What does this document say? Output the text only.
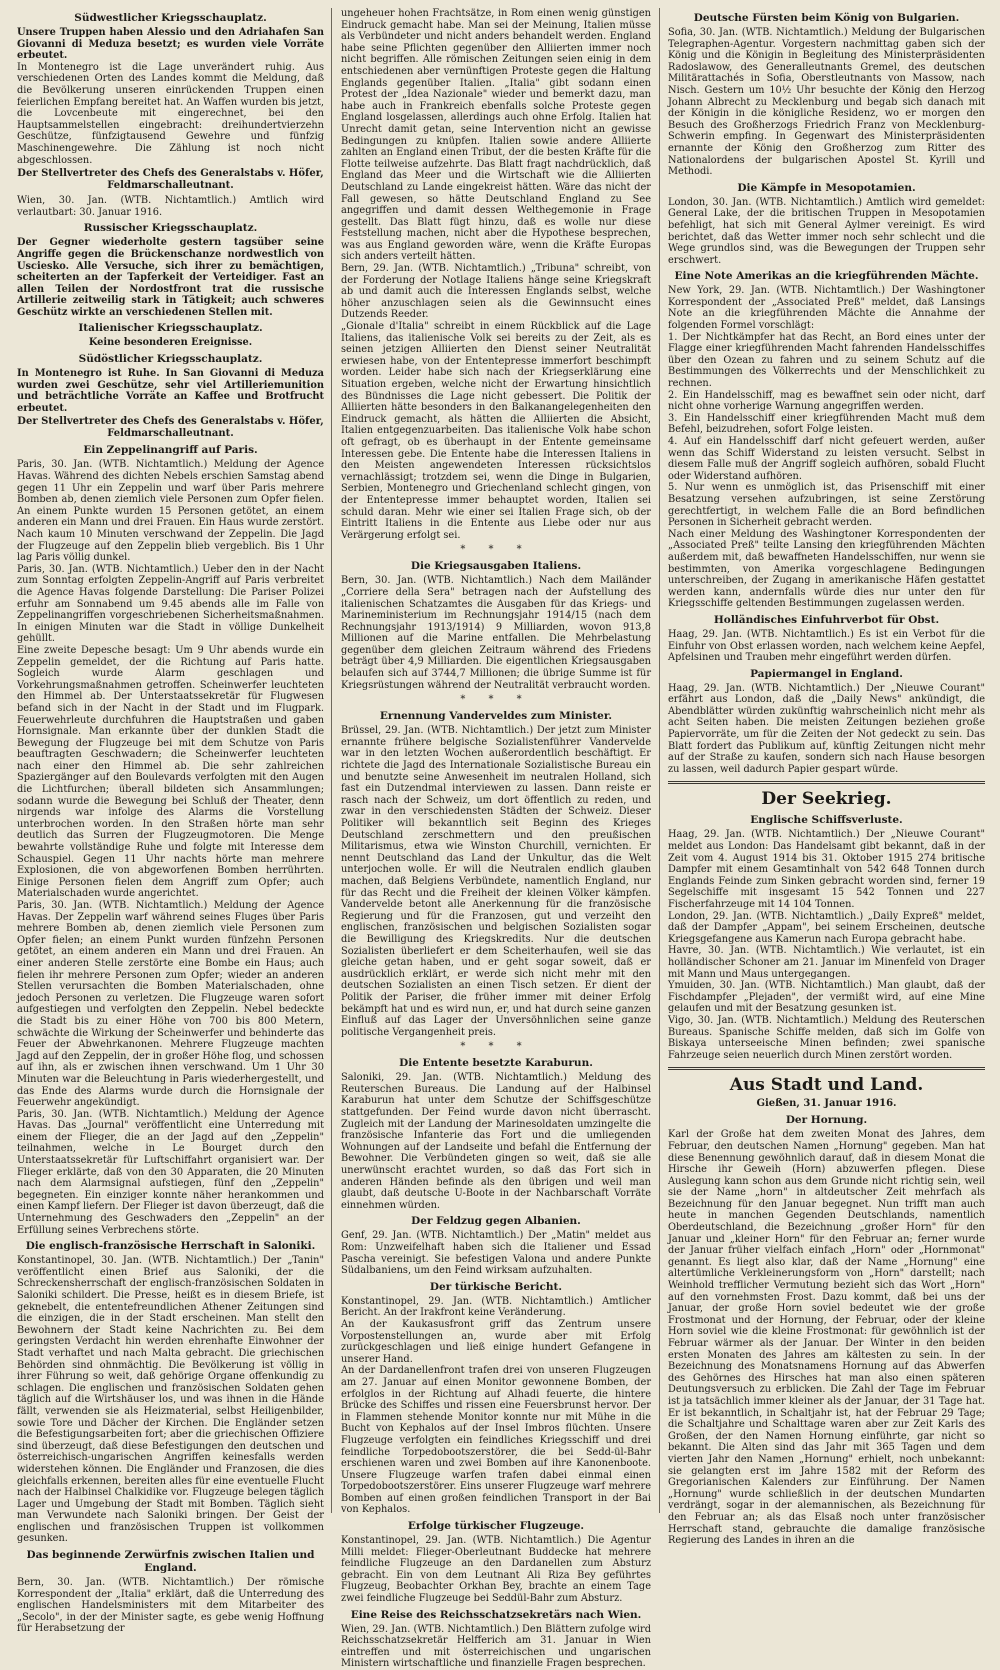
Südwestlicher Kriegsschauplatz.

Unsere Truppen haben Alessio und den Adriahafen San Giovanni di Meduza besetzt; es wurden viele Vorräte erbeutet.

In Montenegro ist die Lage unverändert ruhig. Aus verschiedenen Orten des Landes kommt die Meldung, daß die Bevölkerung unseren einrückenden Truppen einen feierlichen Empfang bereitet hat. An Waffen wurden bis jetzt, die Lovcenbeute mit eingerechnet, bei den Hauptsammelstellen eingebracht: dreihundertvierzehn Geschütze, fünfzigtausend Gewehre und fünfzig Maschinengewehre. Die Zählung ist noch nicht abgeschlossen.

Der Stellvertreter des Chefs des Generalstabs v. Höfer, Feldmarschalleutnant.

Wien, 30. Jan. (WTB. Nichtamtlich.) Amtlich wird verlautbart: 30. Januar 1916.

Russischer Kriegsschauplatz.

Der Gegner wiederholte gestern tagsüber seine Angriffe gegen die Brückenschanze nordwestlich von Usciesko. Alle Versuche, sich ihrer zu bemächtigen, scheiterten an der Tapferkeit der Verteidiger. Fast an allen Teilen der Nordostfront trat die russische Artillerie zeitweilig stark in Tätigkeit; auch schweres Geschütz wirkte an verschiedenen Stellen mit.

Italienischer Kriegsschauplatz.

Keine besonderen Ereignisse.

Südöstlicher Kriegsschauplatz.

In Montenegro ist Ruhe. In San Giovanni di Meduza wurden zwei Geschütze, sehr viel Artilleriemunition und beträchtliche Vorräte an Kaffee und Brotfrucht erbeutet.

Der Stellvertreter des Chefs des Generalstabs v. Höfer, Feldmarschalleutnant.
Ein Zeppelinangriff auf Paris.

Paris, 30. Jan. (WTB. Nichtamtlich.) Meldung der Agence Havas. Während des dichten Nebels erschien Samstag abend gegen 11 Uhr ein Zeppelin und warf über Paris mehrere Bomben ab, denen ziemlich viele Personen zum Opfer fielen. An einem Punkte wurden 15 Personen getötet, an einem anderen ein Mann und drei Frauen. Ein Haus wurde zerstört. Nach kaum 10 Minuten verschwand der Zeppelin. Die Jagd der Flugzeuge auf den Zeppelin blieb vergeblich. Bis 1 Uhr lag Paris völlig dunkel.

Paris, 30. Jan. (WTB. Nichtamtlich.) Ueber den in der Nacht zum Sonntag erfolgten Zeppelin-Angriff auf Paris verbreitet die Agence Havas folgende Darstellung: Die Pariser Polizei erfuhr am Sonnabend um 9.45 abends alle im Falle von Zeppelinangriffen vorgeschriebenen Sicherheitsmaßnahmen. In einigen Minuten war die Stadt in völlige Dunkelheit gehüllt.

Eine zweite Depesche besagt: Um 9 Uhr abends wurde ein Zeppelin gemeldet, der die Richtung auf Paris hatte. Sogleich wurde Alarm geschlagen und Vorkehrungsmaßnahmen getroffen. Scheinwerfer leuchteten den Himmel ab. Der Unterstaatssekretär für Flugwesen befand sich in der Nacht in der Stadt und im Flugpark. Feuerwehrleute durchfuhren die Hauptstraßen und gaben Hornsignale. Man erkannte über der dunklen Stadt die Bewegung der Flugzeuge bei mit dem Schutze von Paris beauftragten Geschwadern; die Scheinwerfer leuchteten nach einer den Himmel ab. Die sehr zahlreichen Spaziergänger auf den Boulevards verfolgten mit den Augen die Lichtfurchen; überall bildeten sich Ansammlungen; sodann wurde die Bewegung bei Schluß der Theater, denn nirgends war infolge des Alarms die Vorstellung unterbrochen worden. In den Straßen hörte man sehr deutlich das Surren der Flugzeugmotoren. Die Menge bewahrte vollständige Ruhe und folgte mit Interesse dem Schauspiel. Gegen 11 Uhr nachts hörte man mehrere Explosionen, die von abgeworfenen Bomben herrührten. Einige Personen fielen dem Angriff zum Opfer; auch Materialschaden wurde angerichtet.

Paris, 30. Jan. (WTB. Nichtamtlich.) Meldung der Agence Havas. Der Zeppelin warf während seines Fluges über Paris mehrere Bomben ab, denen ziemlich viele Personen zum Opfer fielen; an einem Punkt wurden fünfzehn Personen getötet, an einem anderen ein Mann und drei Frauen. An einer anderen Stelle zerstörte eine Bombe ein Haus; auch fielen ihr mehrere Personen zum Opfer; wieder an anderen Stellen verursachten die Bomben Materialschaden, ohne jedoch Personen zu verletzen. Die Flugzeuge waren sofort aufgestiegen und verfolgten den Zeppelin. Nebel bedeckte die Stadt bis zu einer Höhe von 700 bis 800 Metern, schwächte die Wirkung der Scheinwerfer und behinderte das Feuer der Abwehrkanonen. Mehrere Flugzeuge machten Jagd auf den Zeppelin, der in großer Höhe flog, und schossen auf ihn, als er zwischen ihnen verschwand. Um 1 Uhr 30 Minuten war die Beleuchtung in Paris wiederhergestellt, und das Ende des Alarms wurde durch die Hornsignale der Feuerwehr angekündigt.

Paris, 30. Jan. (WTB. Nichtamtlich.) Meldung der Agence Havas. Das „Journal" veröffentlicht eine Unterredung mit einem der Flieger, die an der Jagd auf den „Zeppelin" teilnahmen, welche in Le Bourget durch den Unterstaatssekretär für Luftschiffahrt organisiert war. Der Flieger erklärte, daß von den 30 Apparaten, die 20 Minuten nach dem Alarmsignal aufstiegen, fünf den „Zeppelin" begegneten. Ein einziger konnte näher herankommen und einen Kampf liefern. Der Flieger ist davon überzeugt, daß die Unternehmung des Geschwaders den „Zeppelin" an der Erfüllung seines Verbrechens störte.

Die englisch-französische Herrschaft in Saloniki.

Konstantinopel, 30. Jan. (WTB. Nichtamtlich.) Der „Tanin" veröffentlicht einen Brief aus Saloniki, der die Schreckensherrschaft der englisch-französischen Soldaten in Saloniki schildert. Die Presse, heißt es in diesem Briefe, ist geknebelt, die ententefreundlichen Athener Zeitungen sind die einzigen, die in der Stadt erscheinen. Man stellt den Bewohnern der Stadt keine Nachrichten zu. Bei dem geringsten Verdacht hin werden ehrenhafte Einwohner der Stadt verhaftet und nach Malta gebracht. Die griechischen Behörden sind ohnmächtig. Die Bevölkerung ist völlig in ihrer Führung so weit, daß gehörige Organe offenkundig zu schlagen. Die englischen und französischen Soldaten gehen täglich auf die Wirtshäuser los, und was ihnen in die Hände fällt, verwenden sie als Heizmaterial, selbst Heiligenbilder, sowie Tore und Dächer der Kirchen. Die Engländer setzen die Befestigungsarbeiten fort; aber die griechischen Offiziere sind überzeugt, daß diese Befestigungen den deutschen und österreichisch-ungarischen Angriffen keinesfalls werden widerstehen können. Die Engländer und Franzosen, die dies gleichfalls erkennen, bereiten alles für eine eventuelle Flucht nach der Halbinsel Chalkidike vor. Flugzeuge belegen täglich Lager und Umgebung der Stadt mit Bomben. Täglich sieht man Verwundete nach Saloniki bringen. Der Geist der englischen und französischen Truppen ist vollkommen gesunken.

Das beginnende Zerwürfnis zwischen Italien und England.

Bern, 30. Jan. (WTB. Nichtamtlich.) Der römische Korrespondent der „Italia" erklärt, daß die Unterredung des englischen Handelsministers mit dem Mitarbeiter des „Secolo", in der der Minister sagte, es gebe wenig Hoffnung für Herabsetzung der

ungeheuer hohen Frachtsätze, in Rom einen wenig günstigen Eindruck gemacht habe. Man sei der Meinung, Italien müsse als Verbündeter und nicht anders behandelt werden. England habe seine Pflichten gegenüber den Alliierten immer noch nicht begriffen. Alle römischen Zeitungen seien einig in dem entschiedenen aber vernünftigen Proteste gegen die Haltung Englands gegenüber Italien. „Italia" gibt sodann einen Protest der „Idea Nazionale" wieder und bemerkt dazu, man habe auch in Frankreich ebenfalls solche Proteste gegen England losgelassen, allerdings auch ohne Erfolg. Italien hat Unrecht damit getan, seine Intervention nicht an gewisse Bedingungen zu knüpfen. Italien sowie andere Alliierte zahlten an England einen Tribut, der die besten Kräfte für die Flotte teilweise aufzehrte. Das Blatt fragt nachdrücklich, daß England das Meer und die Wirtschaft wie die Alliierten Deutschland zu Lande eingekreist hätten. Wäre das nicht der Fall gewesen, so hätte Deutschland England zu See angegriffen und damit dessen Welthegemonie in Frage gestellt. Das Blatt fügt hinzu, daß es wolle nur diese Feststellung machen, nicht aber die Hypothese besprechen, was aus England geworden wäre, wenn die Kräfte Europas sich anders verteilt hätten.

Bern, 29. Jan. (WTB. Nichtamtlich.) „Tribuna" schreibt, von der Forderung der Notlage Italiens hänge seine Kriegskraft ab und damit auch die Interessen Englands selbst, welche höher anzuschlagen seien als die Gewinnsucht eines Dutzends Reeder.

„Gionale d'Italia" schreibt in einem Rückblick auf die Lage Italiens, das italienische Volk sei bereits zu der Zeit, als es seinen jetzigen Alliierten den Dienst seiner Neutralität erwiesen habe, von der Ententepresse immerfort beschimpft worden. Leider habe sich nach der Kriegserklärung eine Situation ergeben, welche nicht der Erwartung hinsichtlich des Bündnisses die Lage nicht gebessert. Die Politik der Alliierten hätte besonders in den Balkanangelegenheiten den Eindruck gemacht, als hätten die Alliierten die Absicht, Italien entgegenzuarbeiten. Das italienische Volk habe schon oft gefragt, ob es überhaupt in der Entente gemeinsame Interessen gebe. Die Entente habe die Interessen Italiens in den Meisten angewendeten Interessen rücksichtslos vernachlässigt; trotzdem sei, wenn die Dinge in Bulgarien, Serbien, Montenegro und Griechenland schlecht gingen, von der Ententepresse immer behauptet worden, Italien sei schuld daran. Mehr wie einer sei Italien Frage sich, ob der Eintritt Italiens in die Entente aus Liebe oder nur aus Verärgerung erfolgt sei.

* * *
Die Kriegsausgaben Italiens.

Bern, 30. Jan. (WTB. Nichtamtlich.) Nach dem Mailänder „Corriere della Sera" betragen nach der Aufstellung des italienischen Schatzamtes die Ausgaben für das Kriegs- und Marineministerium im Rechnungsjahr 1914/15 (nach dem Rechnungsjahr 1913/1914) 9 Milliarden, wovon 913,8 Millionen auf die Marine entfallen. Die Mehrbelastung gegenüber dem gleichen Zeitraum während des Friedens beträgt über 4,9 Milliarden. Die eigentlichen Kriegsausgaben belaufen sich auf 3744,7 Millionen; die übrige Summe ist für Kriegsrüstungen während der Neutralität verbraucht worden.

* * *
Ernennung Vanderveldes zum Minister.

Brüssel, 29. Jan. (WTB. Nichtamtlich.) Der jetzt zum Minister ernannte frühere belgische Sozialistenführer Vandervelde war in den letzten Wochen außerordentlich beschäftigt. Er richtete die Jagd des Internationale Sozialistische Bureau ein und benutzte seine Anwesenheit im neutralen Holland, sich fast ein Dutzendmal interviewen zu lassen. Dann reiste er rasch nach der Schweiz, um dort öffentlich zu reden, und zwar in den verschiedensten Städten der Schweiz. Dieser Politiker will bekanntlich seit Beginn des Krieges Deutschland zerschmettern und den preußischen Militarismus, etwa wie Winston Churchill, vernichten. Er nennt Deutschland das Land der Unkultur, das die Welt unterjochen wolle. Er will die Neutralen endlich glauben machen, daß Belgiens Verbündete, namentlich England, nur für das Recht und die Freiheit der kleinen Völker kämpfen. Vandervelde betont alle Anerkennung für die französische Regierung und für die Franzosen, gut und verzeiht den englischen, französischen und belgischen Sozialisten sogar die Bewilligung des Kriegskredits. Nur die deutschen Sozialisten überliefert er dem Scheiterhaufen, weil sie das gleiche getan haben, und er geht sogar soweit, daß er ausdrücklich erklärt, er werde sich nicht mehr mit den deutschen Sozialisten an einen Tisch setzen. Er dient der Politik der Pariser, die früher immer mit deiner Erfolg bekämpft hat und es wird nun, er, und hat durch seine ganzen Einfluß auf das Lager der Unversöhnlichen seine ganze politische Vergangenheit preis.

* * *
Die Entente besetzte Karaburun.

Saloniki, 29. Jan. (WTB. Nichtamtlich.) Meldung des Reuterschen Bureaus. Die Landung auf der Halbinsel Karaburun hat unter dem Schutze der Schiffsgeschütze stattgefunden. Der Feind wurde davon nicht überrascht. Zugleich mit der Landung der Marinesoldaten umzingelte die französische Infanterie das Fort und die umliegenden Wohnungen auf der Landseite und befahl die Entfernung der Bewohner. Die Verbündeten gingen so weit, daß sie alle unerwünscht erachtet wurden, so daß das Fort sich in anderen Händen befinde als den übrigen und weil man glaubt, daß deutsche U-Boote in der Nachbarschaft Vorräte einnehmen würden.

Der Feldzug gegen Albanien.

Genf, 29. Jan. (WTB. Nichtamtlich.) Der „Matin" meldet aus Rom: Unzweifelhaft haben sich die Italiener und Essad Pascha vereinigt. Sie befestigen Valona und andere Punkte Südalbaniens, um den Feind wirksam aufzuhalten.

Der türkische Bericht.

Konstantinopel, 29. Jan. (WTB. Nichtamtlich.) Amtlicher Bericht. An der Irakfront keine Veränderung.

An der Kaukasusfront griff das Zentrum unsere Vorpostenstellungen an, wurde aber mit Erfolg zurückgeschlagen und ließ einige hundert Gefangene in unserer Hand.

An der Dardanellenfront trafen drei von unseren Flugzeugen am 27. Januar auf einen Monitor gewonnene Bomben, der erfolglos in der Richtung auf Alhadi feuerte, die hintere Brücke des Schiffes und rissen eine Feuersbrunst hervor. Der in Flammen stehende Monitor konnte nur mit Mühe in die Bucht von Kephalos auf der Insel Imbros flüchten. Unsere Flugzeuge verfolgten ein feindliches Kriegsschiff und drei feindliche Torpedobootszerstörer, die bei Sedd-ül-Bahr erschienen waren und zwei Bomben auf ihre Kanonenboote. Unsere Flugzeuge warfen trafen dabei einmal einen Torpedobootszerstörer. Eins unserer Flugzeuge warf mehrere Bomben auf einen großen feindlichen Transport in der Bai von Kephalos.

Erfolge türkischer Flugzeuge.

Konstantinopel, 29. Jan. (WTB. Nichtamtlich.) Die Agentur Milli meldet: Flieger-Oberleutnant Buddecke hat mehrere feindliche Flugzeuge an den Dardanellen zum Absturz gebracht. Ein von dem Leutnant Ali Riza Bey geführtes Flugzeug, Beobachter Orkhan Bey, brachte an einem Tage zwei feindliche Flugzeuge bei Seddül-Bahr zum Absturz.

Eine Reise des Reichsschatzsekretärs nach Wien.

Wien, 29. Jan. (WTB. Nichtamtlich.) Den Blättern zufolge wird Reichsschatzsekretär Helfferich am 31. Januar in Wien eintreffen und mit österreichischen und ungarischen Ministern wirtschaftliche und finanzielle Fragen besprechen.

Deutsche Fürsten beim König von Bulgarien.

Sofia, 30. Jan. (WTB. Nichtamtlich.) Meldung der Bulgarischen Telegraphen-Agentur. Vorgestern nachmittag gaben sich der König und die Königin in Begleitung des Ministerpräsidenten Radoslawow, des Generalleutnants Gremel, des deutschen Militärattachés in Sofia, Oberstleutnants von Massow, nach Nisch. Gestern um 10½ Uhr besuchte der König den Herzog Johann Albrecht zu Mecklenburg und begab sich danach mit der Königin in die königliche Residenz, wo er morgen den Besuch des Großherzogs Friedrich Franz von Mecklenburg-Schwerin empfing. In Gegenwart des Ministerpräsidenten ernannte der König den Großherzog zum Ritter des Nationalordens der bulgarischen Apostel St. Kyrill und Methodi.

Die Kämpfe in Mesopotamien.

London, 30. Jan. (WTB. Nichtamtlich.) Amtlich wird gemeldet: General Lake, der die britischen Truppen in Mesopotamien befehligt, hat sich mit General Aylmer vereinigt. Es wird berichtet, daß das Wetter immer noch sehr schlecht und die Wege grundlos sind, was die Bewegungen der Truppen sehr erschwert.

Eine Note Amerikas an die kriegführenden Mächte.

New York, 29. Jan. (WTB. Nichtamtlich.) Der Washingtoner Korrespondent der „Associated Preß" meldet, daß Lansings Note an die kriegführenden Mächte die Annahme der folgenden Formel vorschlägt:

1. Der Nichtkämpfer hat das Recht, an Bord eines unter der Flagge einer kriegführenden Macht fahrenden Handelsschiffes über den Ozean zu fahren und zu seinem Schutz auf die Bestimmungen des Völkerrechts und der Menschlichkeit zu rechnen.

2. Ein Handelsschiff, mag es bewaffnet sein oder nicht, darf nicht ohne vorherige Warnung angegriffen werden.

3. Ein Handelsschiff einer kriegführenden Macht muß dem Befehl, beizudrehen, sofort Folge leisten.

4. Auf ein Handelsschiff darf nicht gefeuert werden, außer wenn das Schiff Widerstand zu leisten versucht. Selbst in diesem Falle muß der Angriff sogleich aufhören, sobald Flucht oder Widerstand aufhören.

5. Nur wenn es unmöglich ist, das Prisenschiff mit einer Besatzung versehen aufzubringen, ist seine Zerstörung gerechtfertigt, in welchem Falle die an Bord befindlichen Personen in Sicherheit gebracht werden.

Nach einer Meldung des Washingtoner Korrespondenten der „Associated Preß" teilte Lansing den kriegführenden Mächten außerdem mit, daß bewaffneten Handelsschiffen, nur wenn sie bestimmten, von Amerika vorgeschlagene Bedingungen unterschreiben, der Zugang in amerikanische Häfen gestattet werden kann, andernfalls würde dies nur unter den für Kriegsschiffe geltenden Bestimmungen zugelassen werden.

Holländisches Einfuhrverbot für Obst.

Haag, 29. Jan. (WTB. Nichtamtlich.) Es ist ein Verbot für die Einfuhr von Obst erlassen worden, nach welchem keine Aepfel, Apfelsinen und Trauben mehr eingeführt werden dürfen.

Papiermangel in England.

Haag, 29. Jan. (WTB. Nichtamtlich.) Der „Nieuwe Courant" erfährt aus London, daß die „Daily News" ankündigt, die Abendblätter würden zukünftig wahrscheinlich nicht mehr als acht Seiten haben. Die meisten Zeitungen beziehen große Papiervorräte, um für die Zeiten der Not gedeckt zu sein. Das Blatt fordert das Publikum auf, künftig Zeitungen nicht mehr auf der Straße zu kaufen, sondern sich nach Hause besorgen zu lassen, weil dadurch Papier gespart würde.

Der Seekrieg.
Englische Schiffsverluste.

Haag, 29. Jan. (WTB. Nichtamtlich.) Der „Nieuwe Courant" meldet aus London: Das Handelsamt gibt bekannt, daß in der Zeit vom 4. August 1914 bis 31. Oktober 1915 274 britische Dampfer mit einem Gesamtinhalt von 542 648 Tonnen durch Englands Feinde zum Sinken gebracht worden sind, ferner 19 Segelschiffe mit insgesamt 15 542 Tonnen und 227 Fischerfahrzeuge mit 14 104 Tonnen.

London, 29. Jan. (WTB. Nichtamtlich.) „Daily Expreß" meldet, daß der Dampfer „Appam", bei seinem Erscheinen, deutsche Kriegsgefangene aus Kamerun nach Europa gebracht habe.

Havre, 30. Jan. (WTB. Nichtamtlich.) Wie verlautet, ist ein holländischer Schoner am 21. Januar im Minenfeld von Drager mit Mann und Maus untergegangen.

Ymuiden, 30. Jan. (WTB. Nichtamtlich.) Man glaubt, daß der Fischdampfer „Plejaden", der vermißt wird, auf eine Mine gelaufen und mit der Besatzung gesunken ist.

Vigo, 30. Jan. (WTB. Nichtamtlich.) Meldung des Reuterschen Bureaus. Spanische Schiffe melden, daß sich im Golfe von Biskaya unterseeische Minen befinden; zwei spanische Fahrzeuge seien neuerlich durch Minen zerstört worden.

Aus Stadt und Land.
Gießen, 31. Januar 1916.
Der Hornung.

Karl der Große hat dem zweiten Monat des Jahres, dem Februar, den deutschen Namen „Hornung" gegeben. Man hat diese Benennung gewöhnlich darauf, daß in diesem Monat die Hirsche ihr Geweih (Horn) abzuwerfen pflegen. Diese Auslegung kann schon aus dem Grunde nicht richtig sein, weil sie der Name „horn" in altdeutscher Zeit mehrfach als Bezeichnung für den Januar begegnet. Nun trifft man auch heute in manchen Gegenden Deutschlands, namentlich Oberdeutschland, die Bezeichnung „großer Horn" für den Januar und „kleiner Horn" für den Februar an; ferner wurde der Januar früher vielfach einfach „Horn" oder „Hornmonat" genannt. Es liegt also klar, daß der Name „Hornung" eine altertümliche Verkleinerungsform von „Horn" darstellt; nach Weinhold trefflicher Vermutung bezieht sich das Wort „Horn" auf den vornehmsten Frost. Dazu kommt, daß bei uns der Januar, der große Horn soviel bedeutet wie der große Frostmonat und der Hornung, der Februar, oder der kleine Horn soviel wie die kleine Frostmonat: für gewöhnlich ist der Februar wärmer als der Januar. Der Winter in den beiden ersten Monaten des Jahres am kältesten zu sein. In der Bezeichnung des Monatsnamens Hornung auf das Abwerfen des Gehörnes des Hirsches hat man also einen späteren Deutungsversuch zu erblicken. Die Zahl der Tage im Februar ist ja tatsächlich immer kleiner als der Januar, der 31 Tage hat. Er ist bekanntlich, in Schaltjahr ist, hat der Februar 29 Tage; die Schaltjahre und Schalttage waren aber zur Zeit Karls des Großen, der den Namen Hornung einführte, gar nicht so bekannt. Die Alten sind das Jahr mit 365 Tagen und dem vierten Jahr den Namen „Hornung" erhielt, noch unbekannt: sie gelangten erst im Jahre 1582 mit der Reform des Gregorianischen Kalenders zur Einführung. Der Namen „Hornung" wurde schließlich in der deutschen Mundarten verdrängt, sogar in der alemannischen, als Bezeichnung für den Februar an; als das Elsaß noch unter französischer Herrschaft stand, gebrauchte die damalige französische Regierung des Landes in ihren an die
